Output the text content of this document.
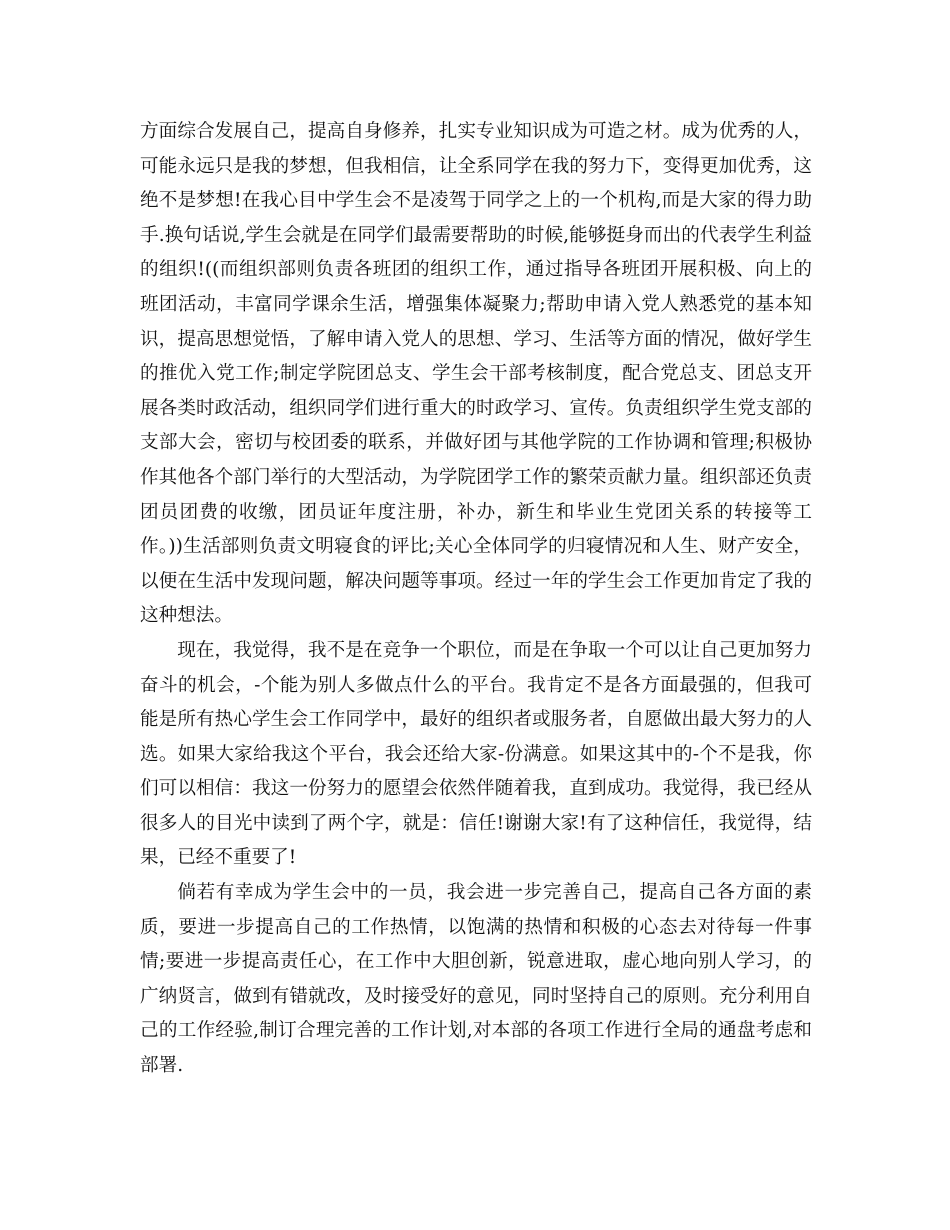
方面综合发展自己，提高自身修养，扎实专业知识成为可造之材。成为优秀的人，可能永远只是我的梦想，但我相信，让全系同学在我的努力下，变得更加优秀，这绝不是梦想!在我心目中学生会不是凌驾于同学之上的一个机构,而是大家的得力助手.换句话说,学生会就是在同学们最需要帮助的时候,能够挺身而出的代表学生利益的组织!((而组织部则负责各班团的组织工作，通过指导各班团开展积极、向上的班团活动，丰富同学课余生活，增强集体凝聚力;帮助申请入党人熟悉党的基本知识，提高思想觉悟，了解申请入党人的思想、学习、生活等方面的情况，做好学生的推优入党工作;制定学院团总支、学生会干部考核制度，配合党总支、团总支开展各类时政活动，组织同学们进行重大的时政学习、宣传。负责组织学生党支部的支部大会，密切与校团委的联系，并做好团与其他学院的工作协调和管理;积极协作其他各个部门举行的大型活动，为学院团学工作的繁荣贡献力量。组织部还负责团员团费的收缴，团员证年度注册，补办，新生和毕业生党团关系的转接等工作。))生活部则负责文明寝食的评比;关心全体同学的归寝情况和人生、财产安全，以便在生活中发现问题，解决问题等事项。经过一年的学生会工作更加肯定了我的这种想法。

现在，我觉得，我不是在竞争一个职位，而是在争取一个可以让自己更加努力奋斗的机会，-个能为别人多做点什么的平台。我肯定不是各方面最强的，但我可能是所有热心学生会工作同学中，最好的组织者或服务者，自愿做出最大努力的人选。如果大家给我这个平台，我会还给大家-份满意。如果这其中的-个不是我，你们可以相信：我这一份努力的愿望会依然伴随着我，直到成功。我觉得，我已经从很多人的目光中读到了两个字，就是：信任!谢谢大家!有了这种信任，我觉得，结果，已经不重要了!

倘若有幸成为学生会中的一员，我会进一步完善自己，提高自己各方面的素质，要进一步提高自己的工作热情，以饱满的热情和积极的心态去对待每一件事情;要进一步提高责任心，在工作中大胆创新，锐意进取，虚心地向别人学习，的广纳贤言，做到有错就改，及时接受好的意见，同时坚持自己的原则。充分利用自己的工作经验,制订合理完善的工作计划,对本部的各项工作进行全局的通盘考虑和部署.
